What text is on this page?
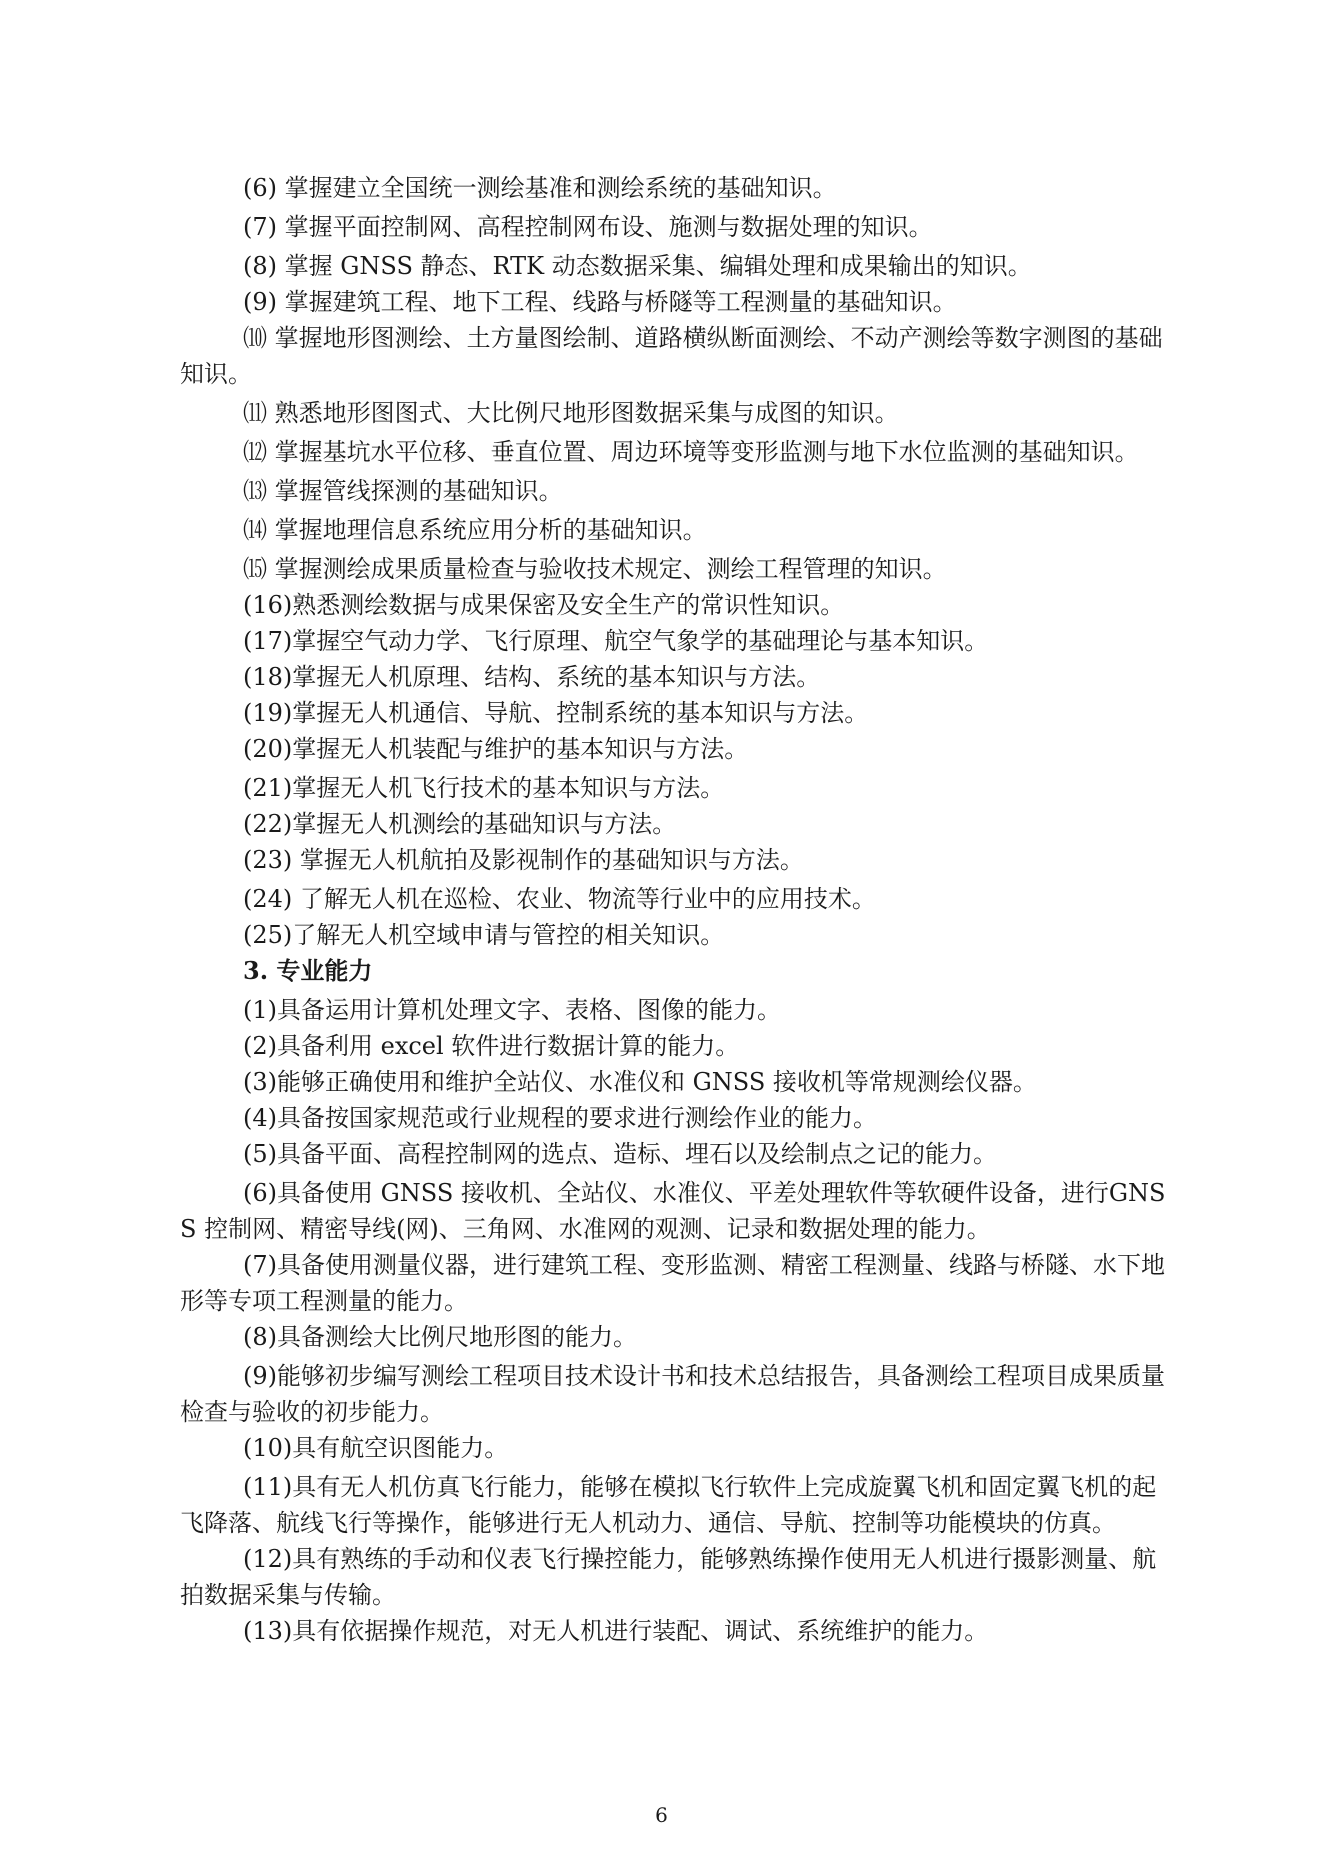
(6) 掌握建立全国统一测绘基准和测绘系统的基础知识。

(7) 掌握平面控制网、高程控制网布设、施测与数据处理的知识。

(8) 掌握 GNSS 静态、RTK 动态数据采集、编辑处理和成果输出的知识。

(9) 掌握建筑工程、地下工程、线路与桥隧等工程测量的基础知识。

⑽ 掌握地形图测绘、土方量图绘制、道路横纵断面测绘、不动产测绘等数字测图的基础知识。

⑾ 熟悉地形图图式、大比例尺地形图数据采集与成图的知识。

⑿ 掌握基坑水平位移、垂直位置、周边环境等变形监测与地下水位监测的基础知识。

⒀ 掌握管线探测的基础知识。

⒁ 掌握地理信息系统应用分析的基础知识。

⒂ 掌握测绘成果质量检查与验收技术规定、测绘工程管理的知识。

(16)熟悉测绘数据与成果保密及安全生产的常识性知识。

(17)掌握空气动力学、飞行原理、航空气象学的基础理论与基本知识。

(18)掌握无人机原理、结构、系统的基本知识与方法。

(19)掌握无人机通信、导航、控制系统的基本知识与方法。

(20)掌握无人机装配与维护的基本知识与方法。

(21)掌握无人机飞行技术的基本知识与方法。

(22)掌握无人机测绘的基础知识与方法。

(23) 掌握无人机航拍及影视制作的基础知识与方法。

(24) 了解无人机在巡检、农业、物流等行业中的应用技术。

(25)了解无人机空域申请与管控的相关知识。

3. 专业能力

(1)具备运用计算机处理文字、表格、图像的能力。

(2)具备利用 excel 软件进行数据计算的能力。

(3)能够正确使用和维护全站仪、水准仪和 GNSS 接收机等常规测绘仪器。

(4)具备按国家规范或行业规程的要求进行测绘作业的能力。

(5)具备平面、高程控制网的选点、造标、埋石以及绘制点之记的能力。

(6)具备使用 GNSS 接收机、全站仪、水准仪、平差处理软件等软硬件设备，进行GNSS 控制网、精密导线(网)、三角网、水准网的观测、记录和数据处理的能力。

(7)具备使用测量仪器，进行建筑工程、变形监测、精密工程测量、线路与桥隧、水下地形等专项工程测量的能力。

(8)具备测绘大比例尺地形图的能力。

(9)能够初步编写测绘工程项目技术设计书和技术总结报告，具备测绘工程项目成果质量检查与验收的初步能力。

(10)具有航空识图能力。

(11)具有无人机仿真飞行能力，能够在模拟飞行软件上完成旋翼飞机和固定翼飞机的起飞降落、航线飞行等操作，能够进行无人机动力、通信、导航、控制等功能模块的仿真。

(12)具有熟练的手动和仪表飞行操控能力，能够熟练操作使用无人机进行摄影测量、航拍数据采集与传输。

(13)具有依据操作规范，对无人机进行装配、调试、系统维护的能力。

6
